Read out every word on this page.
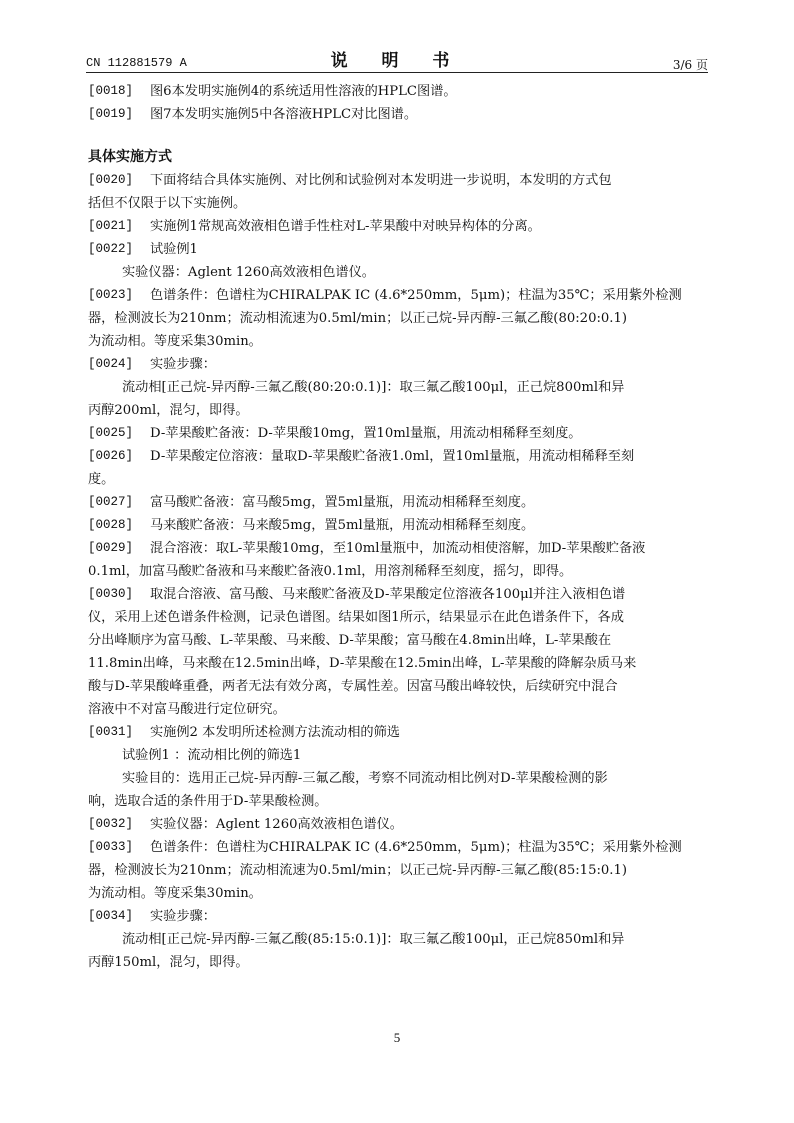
CN 112881579 A	说 明 书	3/6 页
[0018] 图6本发明实施例4的系统适用性溶液的HPLC图谱。
[0019] 图7本发明实施例5中各溶液HPLC对比图谱。
具体实施方式
[0020] 下面将结合具体实施例、对比例和试验例对本发明进一步说明，本发明的方式包
括但不仅限于以下实施例。
[0021] 实施例1常规高效液相色谱手性柱对L-苹果酸中对映异构体的分离。
[0022] 试验例1
实验仪器：Aglent 1260高效液相色谱仪。
[0023] 色谱条件：色谱柱为CHIRALPAK IC (4.6*250mm，5μm)；柱温为35℃；采用紫外检测
器，检测波长为210nm；流动相流速为0.5ml/min；以正己烷-异丙醇-三氟乙酸(80:20:0.1)
为流动相。等度采集30min。
[0024] 实验步骤：
流动相[正己烷-异丙醇-三氟乙酸(80:20:0.1)]：取三氟乙酸100μl，正己烷800ml和异
丙醇200ml，混匀，即得。
[0025] D-苹果酸贮备液：D-苹果酸10mg，置10ml量瓶，用流动相稀释至刻度。
[0026] D-苹果酸定位溶液：量取D-苹果酸贮备液1.0ml，置10ml量瓶，用流动相稀释至刻
度。
[0027] 富马酸贮备液：富马酸5mg，置5ml量瓶，用流动相稀释至刻度。
[0028] 马来酸贮备液：马来酸5mg，置5ml量瓶，用流动相稀释至刻度。
[0029] 混合溶液：取L-苹果酸10mg，至10ml量瓶中，加流动相使溶解，加D-苹果酸贮备液
0.1ml，加富马酸贮备液和马来酸贮备液0.1ml，用溶剂稀释至刻度，摇匀，即得。
[0030] 取混合溶液、富马酸、马来酸贮备液及D-苹果酸定位溶液各100μl并注入液相色谱
仪，采用上述色谱条件检测，记录色谱图。结果如图1所示，结果显示在此色谱条件下，各成
分出峰顺序为富马酸、L-苹果酸、马来酸、D-苹果酸；富马酸在4.8min出峰，L-苹果酸在
11.8min出峰，马来酸在12.5min出峰，D-苹果酸在12.5min出峰，L-苹果酸的降解杂质马来
酸与D-苹果酸峰重叠，两者无法有效分离，专属性差。因富马酸出峰较快，后续研究中混合
溶液中不对富马酸进行定位研究。
[0031] 实施例2 本发明所述检测方法流动相的筛选
试验例1 ：流动相比例的筛选1
实验目的：选用正己烷-异丙醇-三氟乙酸，考察不同流动相比例对D-苹果酸检测的影
响，选取合适的条件用于D-苹果酸检测。
[0032] 实验仪器：Aglent 1260高效液相色谱仪。
[0033] 色谱条件：色谱柱为CHIRALPAK IC (4.6*250mm，5μm)；柱温为35℃；采用紫外检测
器，检测波长为210nm；流动相流速为0.5ml/min；以正己烷-异丙醇-三氟乙酸(85:15:0.1)
为流动相。等度采集30min。
[0034] 实验步骤：
流动相[正己烷-异丙醇-三氟乙酸(85:15:0.1)]：取三氟乙酸100μl，正己烷850ml和异
丙醇150ml，混匀，即得。
5
